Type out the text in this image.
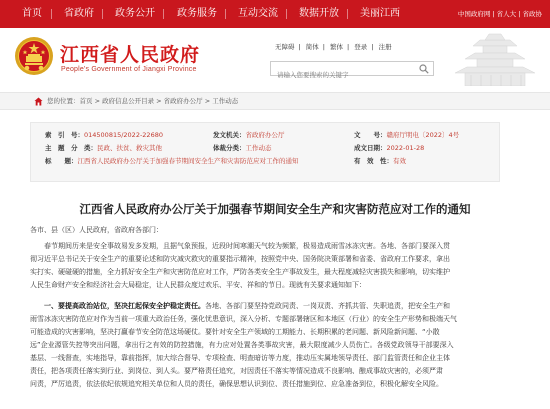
首页 省政府 政务公开 政务服务 互动交流 数据开放 美丽江西	中国政府网 | 省人大 | 省政协
江西省人民政府
People's Government of Jiangxi Province
无障碍 | 简体 | 繁体 | 登录 | 注册
请输入您要搜索的关键字
您的位置：首页 > 政府信息公开目录 > 省政府办公厅 > 工作动态
索　引　号：014500815/2022-22680	发文机关：省政府办公厅	文　　号：赣府厅明电〔2022〕4号
主　题　分　类：民政、扶贫、救灾其他	体裁分类：工作动态	成文日期：2022-01-28
标　　题：江西省人民政府办公厅关于加强春节期间安全生产和灾害防范应对工作的通知	有　效　性：有效
江西省人民政府办公厅关于加强春节期间安全生产和灾害防范应对工作的通知
各市、县（区）人民政府，省政府各部门：
春节期间历来是安全事故易发多发期，且据气象预报，近段时间寒潮天气较为频繁，极易造成雨雪冰冻灾害。各地、各部门要深入贯
彻习近平总书记关于安全生产的重要论述和防灾减灾救灾的重要指示精神，按照党中央、国务院决策部署和省委、省政府工作要求，拿出
实打实、硬碰硬的措施，全力抓好安全生产和灾害防范应对工作，严防各类安全生产事故发生，最大程度减轻灾害损失和影响，切实维护
人民生命财产安全和经济社会大局稳定，让人民群众度过欢乐、平安、祥和的节日。现就有关要求通知如下：
一、要提高政治站位，坚决扛起保安全护稳定责任。各地、各部门要坚持党政同责、一岗双责、齐抓共管、失职追责，把安全生产和
雨雪冰冻灾害防范应对作为当前一项重大政治任务，强化忧患意识，深入分析、专题部署辖区和本地区（行业）的安全生产形势和极端天气
可能造成的灾害影响，坚决打赢春节安全防范这场硬仗。要针对安全生产领域的工期能力、长期积累的老问题、新风险新问题、“小散
远”企业源管失控等突出问题，拿出行之有效的防控措施，有力应对处置各类事故灾害，最大限度减少人员伤亡。各级党政领导干部要深入
基层、一线督查，实地指导，靠前指挥，加大综合督导、专项检查、明查暗访等力度，推动压实属地领导责任、部门监管责任和企业主体
责任，把各项责任落实到行业、到岗位、到人头。要严格责任追究，对因责任不落实等情况造成不良影响、酿成事故灾害的，必须严肃
问责，严厉追责，依法依纪依规追究相关单位和人员的责任，确保思想认识到位、责任措施到位、应急准备到位，积极化解安全风险。
